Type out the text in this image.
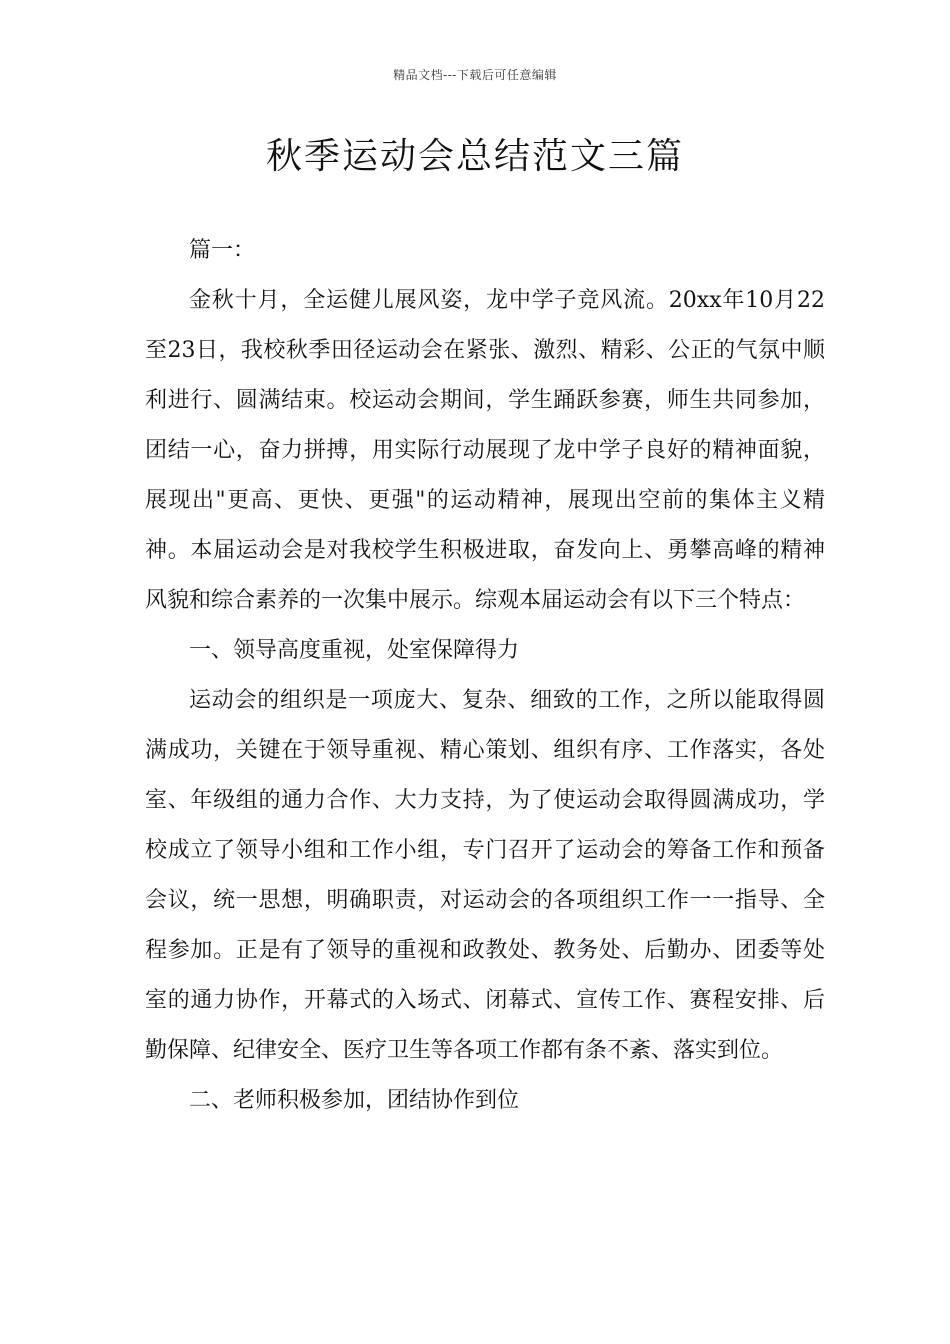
精品文档---下载后可任意编辑
秋季运动会总结范文三篇

篇一：

金秋十月，全运健儿展风姿，龙中学子竞风流。20xx年10月22至23日，我校秋季田径运动会在紧张、激烈、精彩、公正的气氛中顺利进行、圆满结束。校运动会期间，学生踊跃参赛，师生共同参加，团结一心，奋力拼搏，用实际行动展现了龙中学子良好的精神面貌，展现出"更高、更快、更强"的运动精神，展现出空前的集体主义精神。本届运动会是对我校学生积极进取，奋发向上、勇攀高峰的精神风貌和综合素养的一次集中展示。综观本届运动会有以下三个特点：

一、领导高度重视，处室保障得力

运动会的组织是一项庞大、复杂、细致的工作，之所以能取得圆满成功，关键在于领导重视、精心策划、组织有序、工作落实，各处室、年级组的通力合作、大力支持，为了使运动会取得圆满成功，学校成立了领导小组和工作小组，专门召开了运动会的筹备工作和预备会议，统一思想，明确职责，对运动会的各项组织工作一一指导、全程参加。正是有了领导的重视和政教处、教务处、后勤办、团委等处室的通力协作，开幕式的入场式、闭幕式、宣传工作、赛程安排、后勤保障、纪律安全、医疗卫生等各项工作都有条不紊、落实到位。

二、老师积极参加，团结协作到位
